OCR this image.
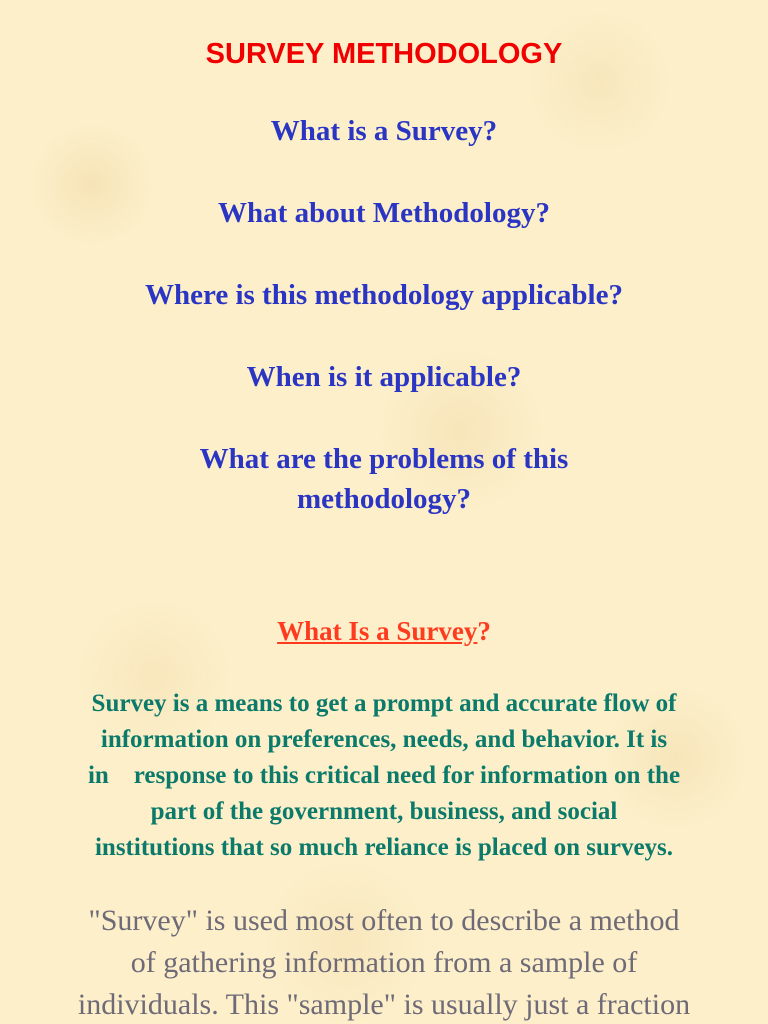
SURVEY METHODOLOGY

What is a Survey?

What about Methodology?

Where is this methodology applicable?

When is it applicable?

What are the problems of this
methodology?

What Is a Survey?

Survey is a means to get a prompt and accurate flow of
information on preferences, needs, and behavior. It is
in    response to this critical need for information on the
part of the government, business, and social
institutions that so much reliance is placed on surveys.

"Survey" is used most often to describe a method
of gathering information from a sample of
individuals. This "sample" is usually just a fraction
